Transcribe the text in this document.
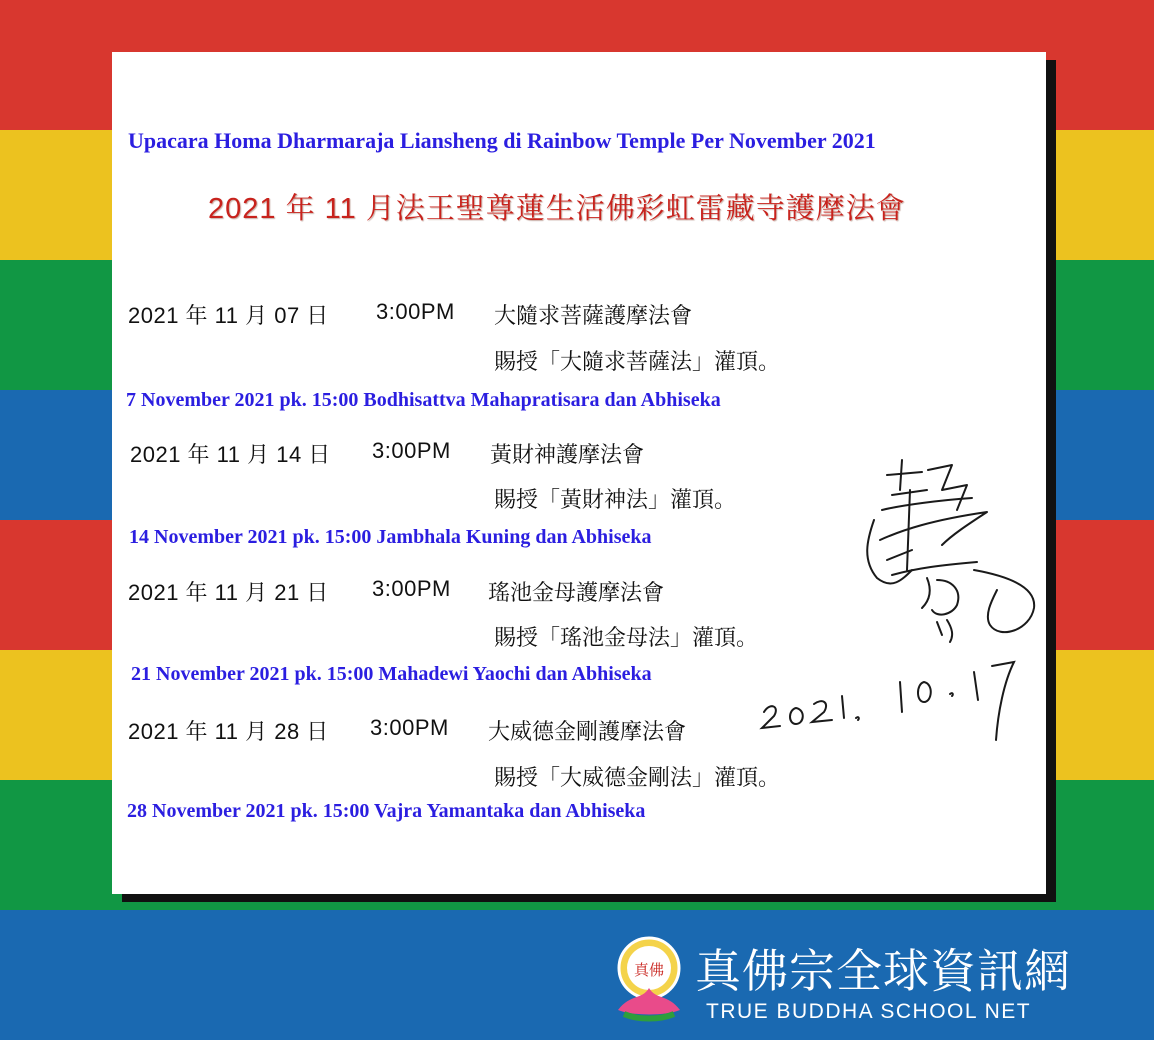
Upacara Homa Dharmaraja Liansheng di Rainbow Temple Per November 2021
2021 年 11 月法王聖尊蓮生活佛彩虹雷藏寺護摩法會
2021 年 11 月 07 日 3:00PM 大隨求菩薩護摩法會
賜授「大隨求菩薩法」灌頂。
7 November 2021 pk. 15:00 Bodhisattva Mahapratisara dan Abhiseka
2021 年 11 月 14 日 3:00PM 黃財神護摩法會
賜授「黃財神法」灌頂。
14 November 2021 pk. 15:00 Jambhala Kuning dan Abhiseka
2021 年 11 月 21 日 3:00PM 瑤池金母護摩法會
賜授「瑤池金母法」灌頂。
21 November 2021 pk. 15:00 Mahadewi Yaochi dan Abhiseka
2021 年 11 月 28 日 3:00PM 大威德金剛護摩法會
賜授「大威德金剛法」灌頂。
28 November 2021 pk. 15:00 Vajra Yamantaka dan Abhiseka
真佛 真佛宗全球資訊網
TRUE BUDDHA SCHOOL NET
